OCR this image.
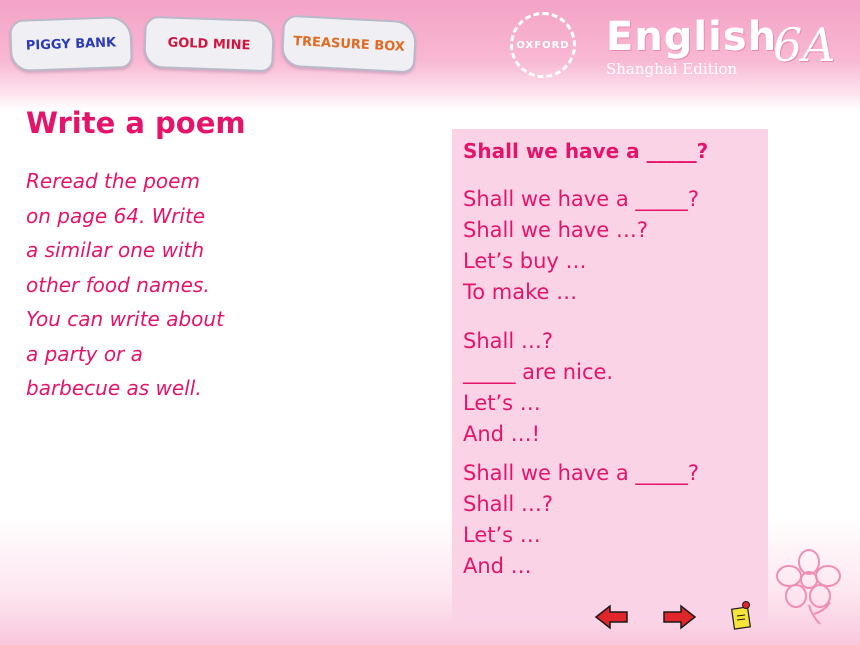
PIGGY BANK	GOLD MINE	TREASURE BOX	OXFORD English
Shanghai Edition 6A
Write a poem
Reread the poem
on page 64. Write
a similar one with
other food names.
You can write about
a party or a
barbecue as well.
Shall we have a _____?
Shall we have a _____?
Shall we have …?
Let’s buy …
To make …
Shall …?
_____ are nice.
Let’s …
And …!
Shall we have a _____?
Shall …?
Let’s …
And …
